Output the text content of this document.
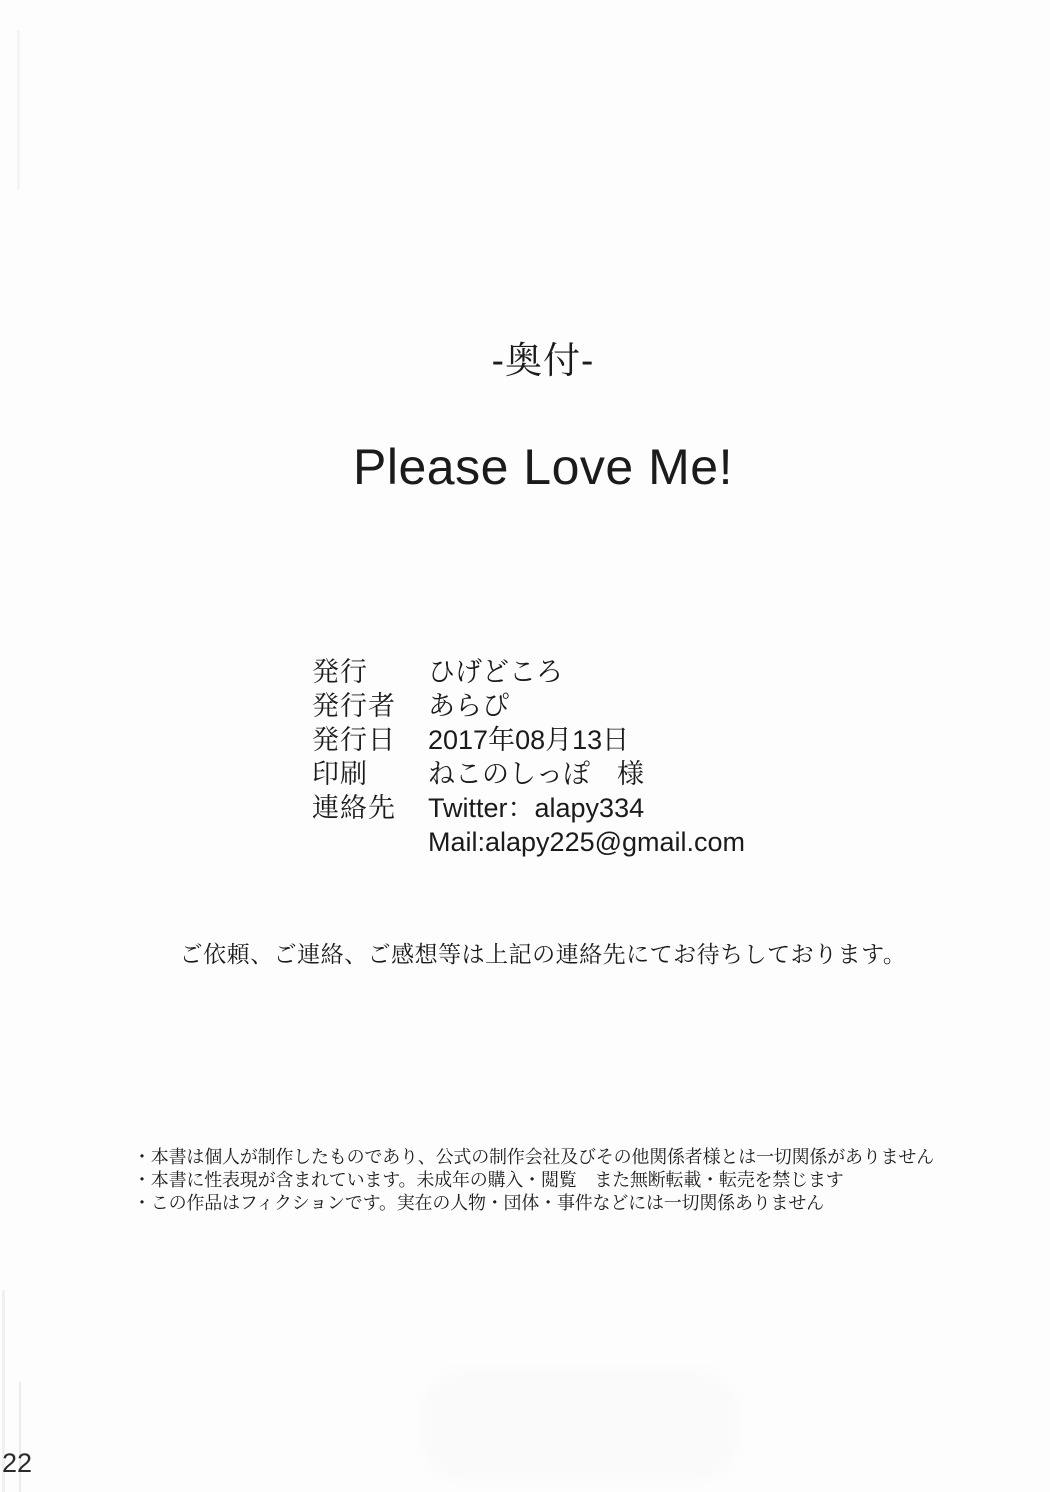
-奥付-
Please Love Me!
発行 ひげどころ
発行者 あらぴ
発行日 2017年08月13日
印刷 ねこのしっぽ　様
連絡先 Twitter：alapy334
Mail:alapy225@gmail.com
ご依頼、ご連絡、ご感想等は上記の連絡先にてお待ちしております。
・本書は個人が制作したものであり、公式の制作会社及びその他関係者様とは一切関係がありません
・本書に性表現が含まれています。未成年の購入・閲覧　また無断転載・転売を禁じます
・この作品はフィクションです。実在の人物・団体・事件などには一切関係ありません
22
